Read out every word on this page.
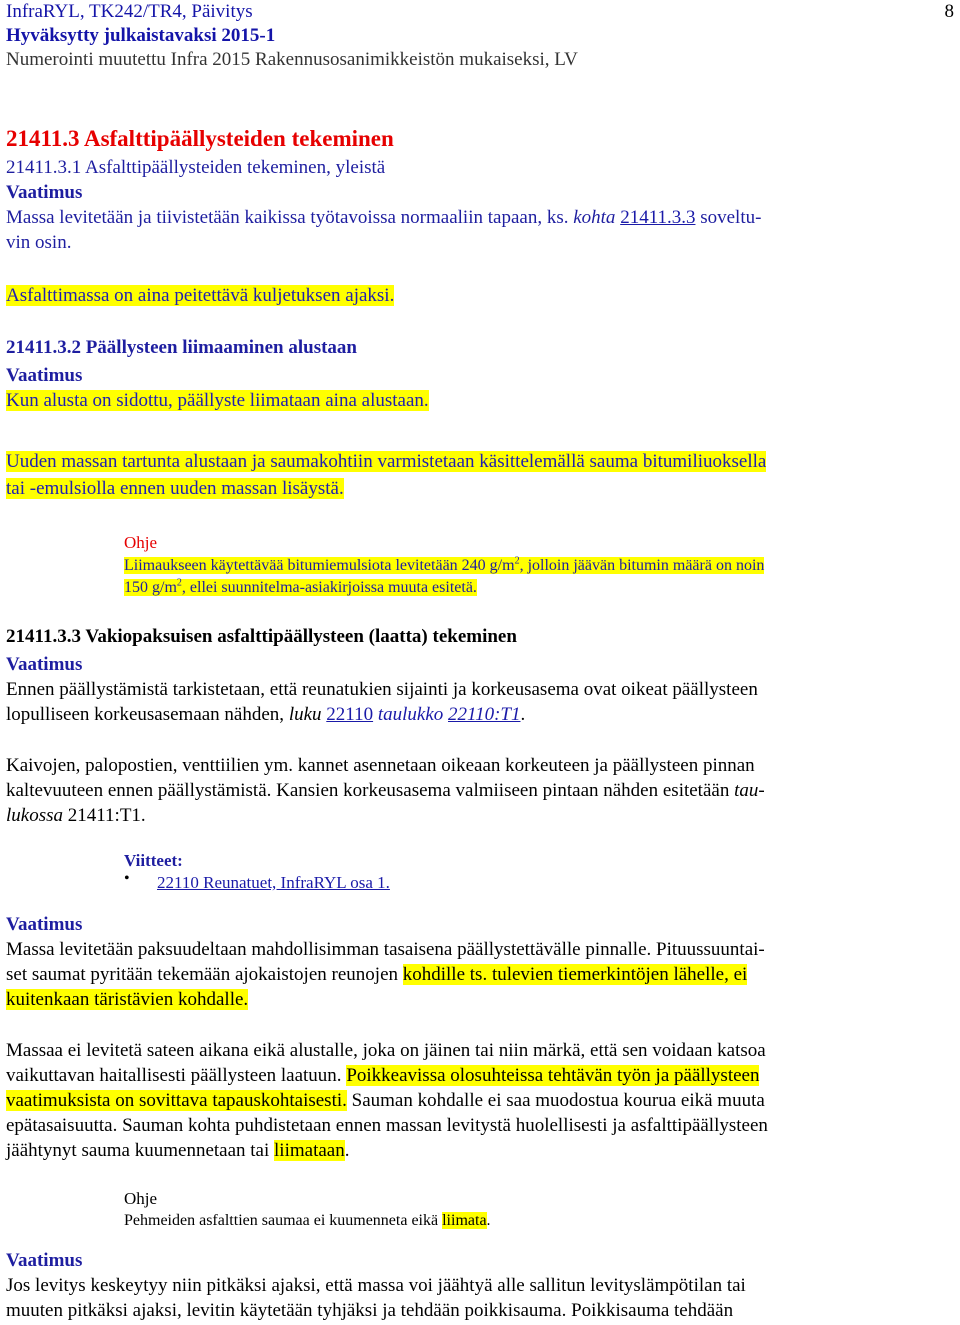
8
InfraRYL, TK242/TR4, Päivitys
Hyväksytty julkaistavaksi 2015-1
Numerointi muutettu Infra 2015 Rakennusosanimikkeistön mukaiseksi, LV
21411.3 Asfalttipäällysteiden tekeminen
21411.3.1 Asfalttipäällysteiden tekeminen, yleistä
Vaatimus
Massa levitetään ja tiivistetään kaikissa työtavoissa normaaliin tapaan, ks. kohta 21411.3.3 soveltu-
vin osin.
Asfalttimassa on aina peitettävä kuljetuksen ajaksi.
21411.3.2 Päällysteen liimaaminen alustaan
Vaatimus
Kun alusta on sidottu, päällyste liimataan aina alustaan.
Uuden massan tartunta alustaan ja saumakohtiin varmistetaan käsittelemällä sauma bitumiliuoksella
tai -emulsiolla ennen uuden massan lisäystä.
Ohje
Liimaukseen käytettävää bitumiemulsiota levitetään 240 $g/m^2$, jolloin jäävän bitumin määrä on noin
150 $g/m^2$, ellei suunnitelma-asiakirjoissa muuta esitetä.
21411.3.3 Vakiopaksuisen asfalttipäällysteen (laatta) tekeminen
Vaatimus
Ennen päällystämistä tarkistetaan, että reunatukien sijainti ja korkeusasema ovat oikeat päällysteen
lopulliseen korkeusasemaan nähden, luku 22110 taulukko 22110:T1.
Kaivojen, palopostien, venttiilien ym. kannet asennetaan oikeaan korkeuteen ja päällysteen pinnan
kaltevuuteen ennen päällystämistä. Kansien korkeusasema valmiiseen pintaan nähden esitetään tau-
lukossa 21411:T1.
Viitteet:
• 22110 Reunatuet, InfraRYL osa 1.
Vaatimus
Massa levitetään paksuudeltaan mahdollisimman tasaisena päällystettävälle pinnalle. Pituussuuntai-
set saumat pyritään tekemään ajokaistojen reunojen kohdille ts. tulevien tiemerkintöjen lähelle, ei
kuitenkaan täristävien kohdalle.
Massaa ei levitetä sateen aikana eikä alustalle, joka on jäinen tai niin märkä, että sen voidaan katsoa
vaikuttavan haitallisesti päällysteen laatuun. Poikkeavissa olosuhteissa tehtävän työn ja päällysteen
vaatimuksista on sovittava tapauskohtaisesti. Sauman kohdalle ei saa muodostua kourua eikä muuta
epätasaisuutta. Sauman kohta puhdistetaan ennen massan levitystä huolellisesti ja asfalttipäällysteen
jäähtynyt sauma kuumennetaan tai liimataan.
Ohje
Pehmeiden asfalttien saumaa ei kuumenneta eikä liimata.
Vaatimus
Jos levitys keskeytyy niin pitkäksi ajaksi, että massa voi jäähtyä alle sallitun levityslämpötilan tai
muuten pitkäksi ajaksi, levitin käytetään tyhjäksi ja tehdään poikkisauma. Poikkisauma tehdään
